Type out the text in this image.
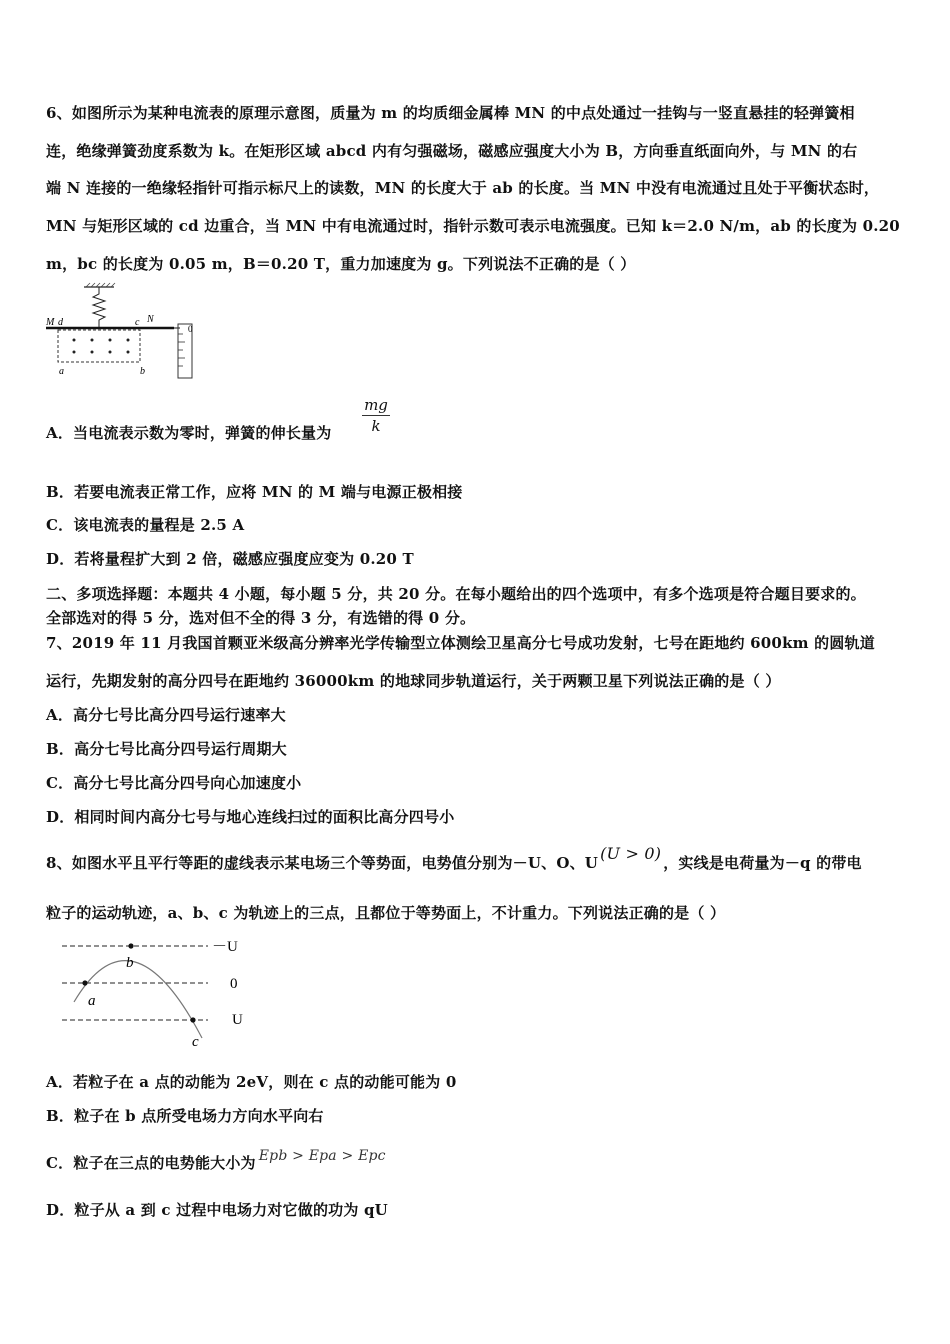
6、如图所示为某种电流表的原理示意图，质量为 m 的均质细金属棒 MN 的中点处通过一挂钩与一竖直悬挂的轻弹簧相
连，绝缘弹簧劲度系数为 k。在矩形区域 abcd 内有匀强磁场，磁感应强度大小为 B，方向垂直纸面向外，与 MN 的右
端 N 连接的一绝缘轻指针可指示标尺上的读数，MN 的长度大于 ab 的长度。当 MN 中没有电流通过且处于平衡状态时，
MN 与矩形区域的 cd 边重合，当 MN 中有电流通过时，指针示数可表示电流强度。已知 k＝2.0 N/m，ab 的长度为 0.20
m，bc 的长度为 0.05 m，B＝0.20 T，重力加速度为 g。下列说法不正确的是（ ）
M d	c N
a	b
0
A．当电流表示数为零时，弹簧的伸长量为 $\frac{mg}{k}$
B．若要电流表正常工作，应将 MN 的 M 端与电源正极相接
C．该电流表的量程是 2.5 A
D．若将量程扩大到 2 倍，磁感应强度应变为 0.20 T
二、多项选择题：本题共 4 小题，每小题 5 分，共 20 分。在每小题给出的四个选项中，有多个选项是符合题目要求的。
全部选对的得 5 分，选对但不全的得 3 分，有选错的得 0 分。
7、2019 年 11 月我国首颗亚米级高分辨率光学传输型立体测绘卫星高分七号成功发射，七号在距地约 600km 的圆轨道
运行，先期发射的高分四号在距地约 36000km 的地球同步轨道运行，关于两颗卫星下列说法正确的是（ ）
A．高分七号比高分四号运行速率大
B．高分七号比高分四号运行周期大
C．高分七号比高分四号向心加速度小
D．相同时间内高分七号与地心连线扫过的面积比高分四号小
8、如图水平且平行等距的虚线表示某电场三个等势面，电势值分别为－U、O、U (U > 0) ，实线是电荷量为－q 的带电
粒子的运动轨迹，a、b、c 为轨迹上的三点，且都位于等势面上，不计重力。下列说法正确的是（ ）
－U
0
U
a
b
c
A．若粒子在 a 点的动能为 2eV，则在 c 点的动能可能为 0
B．粒子在 b 点所受电场力方向水平向右
C．粒子在三点的电势能大小为 Epb > Epa > Epc
D．粒子从 a 到 c 过程中电场力对它做的功为 qU
